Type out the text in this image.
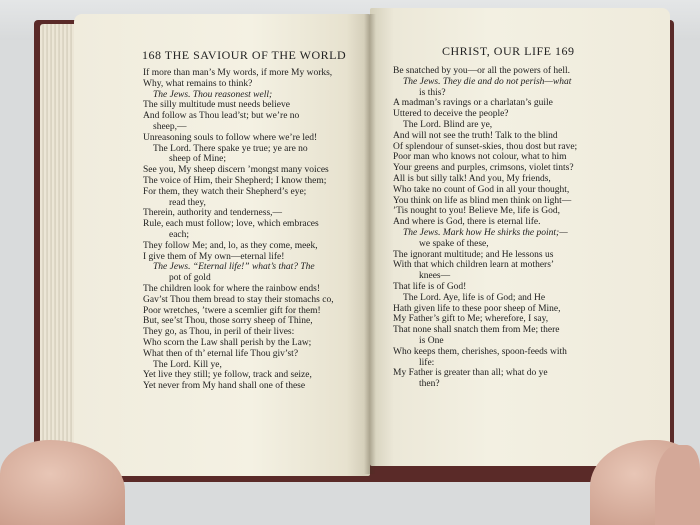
168 THE SAVIOUR OF THE WORLD	CHRIST, OUR LIFE 169
If more than man’s My words, if more My works,
Why, what remains to think?
The Jews. Thou reasonest well;
The silly multitude must needs believe
And follow as Thou lead’st; but we’re no
sheep,—
Unreasoning souls to follow where we’re led!
The Lord. There spake ye true; ye are no
sheep of Mine;
See you, My sheep discern ’mongst many voices
The voice of Him, their Shepherd; I know them;
For them, they watch their Shepherd’s eye;
read they,
Therein, authority and tenderness,—
Rule, each must follow; love, which embraces
each;
They follow Me; and, lo, as they come, meek,
I give them of My own—eternal life!
The Jews. “Eternal life!” what’s that? The
pot of gold
The children look for where the rainbow ends!
Gav’st Thou them bread to stay their stomachs co,
Poor wretches, ’twere a scemlier gift for them!
But, see’st Thou, those sorry sheep of Thine,
They go, as Thou, in peril of their lives:
Who scorn the Law shall perish by the Law;
What then of th’ eternal life Thou giv’st?
The Lord. Kill ye,
Yet live they still; ye follow, track and seize,
Yet never from My hand shall one of these
Be snatched by you—or all the powers of hell.
The Jews. They die and do not perish—what
is this?
A madman’s ravings or a charlatan’s guile
Uttered to deceive the people?
The Lord. Blind are ye,
And will not see the truth! Talk to the blind
Of splendour of sunset-skies, thou dost but rave;
Poor man who knows not colour, what to him
Your greens and purples, crimsons, violet tints?
All is but silly talk! And you, My friends,
Who take no count of God in all your thought,
You think on life as blind men think on light—
’Tis nought to you! Believe Me, life is God,
And where is God, there is eternal life.
The Jews. Mark how He shirks the point;—
we spake of these,
The ignorant multitude; and He lessons us
With that which children learn at mothers’
knees—
That life is of God!
The Lord. Aye, life is of God; and He
Hath given life to these poor sheep of Mine,
My Father’s gift to Me; wherefore, I say,
That none shall snatch them from Me; there
is One
Who keeps them, cherishes, spoon-feeds with
life:
My Father is greater than all; what do ye
then?
